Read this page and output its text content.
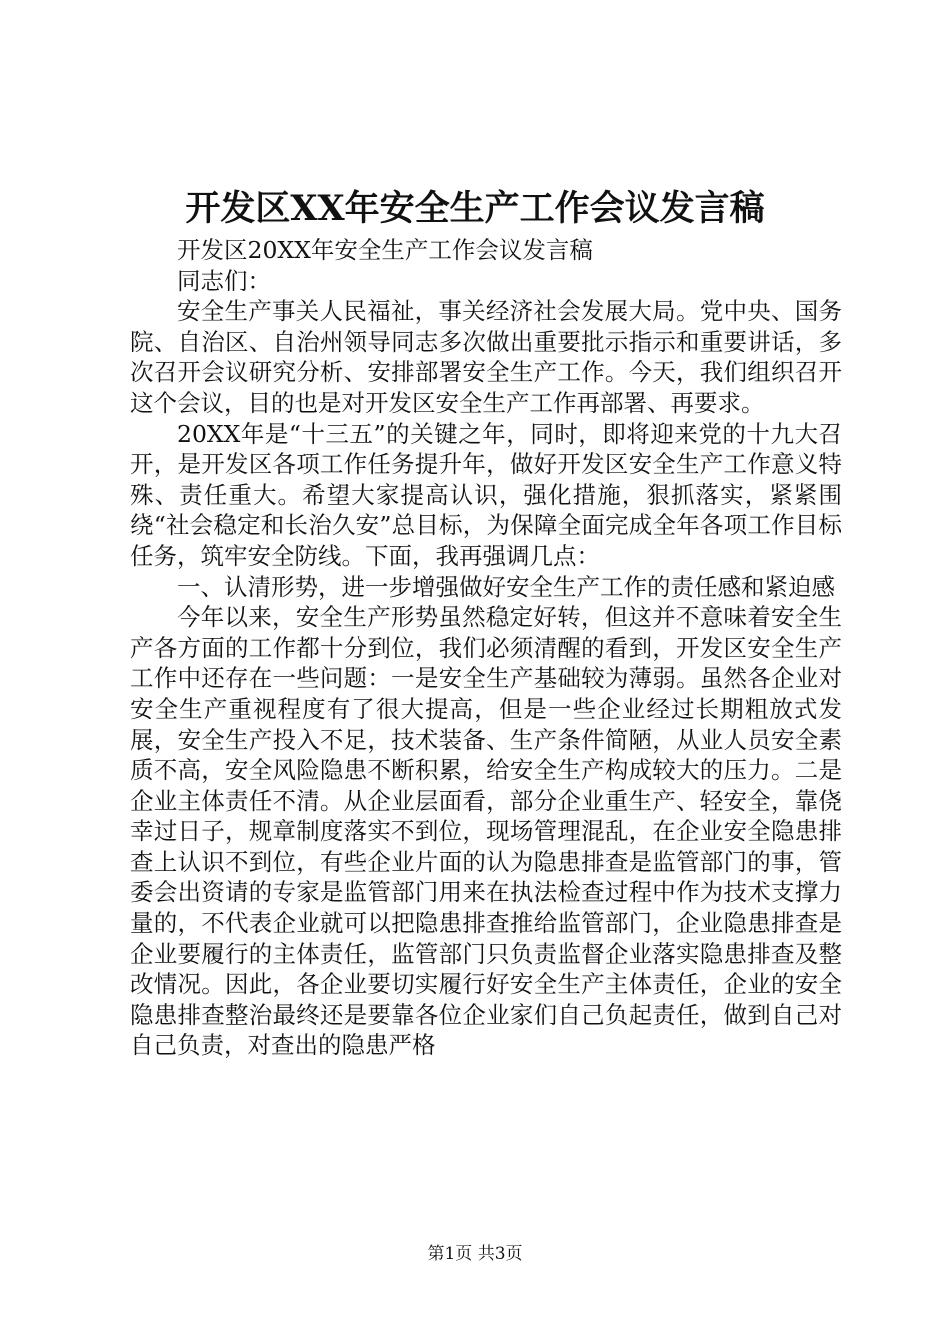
开发区XX年安全生产工作会议发言稿

开发区20XX年安全生产工作会议发言稿

同志们：

安全生产事关人民福祉，事关经济社会发展大局。党中央、国务院、自治区、自治州领导同志多次做出重要批示指示和重要讲话，多次召开会议研究分析、安排部署安全生产工作。今天，我们组织召开这个会议，目的也是对开发区安全生产工作再部署、再要求。

20XX年是“十三五”的关键之年，同时，即将迎来党的十九大召开，是开发区各项工作任务提升年，做好开发区安全生产工作意义特殊、责任重大。希望大家提高认识，强化措施，狠抓落实，紧紧围绕“社会稳定和长治久安”总目标，为保障全面完成全年各项工作目标任务，筑牢安全防线。下面，我再强调几点：

一、认清形势，进一步增强做好安全生产工作的责任感和紧迫感

今年以来，安全生产形势虽然稳定好转，但这并不意味着安全生产各方面的工作都十分到位，我们必须清醒的看到，开发区安全生产工作中还存在一些问题：一是安全生产基础较为薄弱。虽然各企业对安全生产重视程度有了很大提高，但是一些企业经过长期粗放式发展，安全生产投入不足，技术装备、生产条件简陋，从业人员安全素质不高，安全风险隐患不断积累，给安全生产构成较大的压力。二是企业主体责任不清。从企业层面看，部分企业重生产、轻安全，靠侥幸过日子，规章制度落实不到位，现场管理混乱，在企业安全隐患排查上认识不到位，有些企业片面的认为隐患排查是监管部门的事，管委会出资请的专家是监管部门用来在执法检查过程中作为技术支撑力量的，不代表企业就可以把隐患排查推给监管部门，企业隐患排查是企业要履行的主体责任，监管部门只负责监督企业落实隐患排查及整改情况。因此，各企业要切实履行好安全生产主体责任，企业的安全隐患排查整治最终还是要靠各位企业家们自己负起责任，做到自己对自己负责，对查出的隐患严格

第1页 共3页
